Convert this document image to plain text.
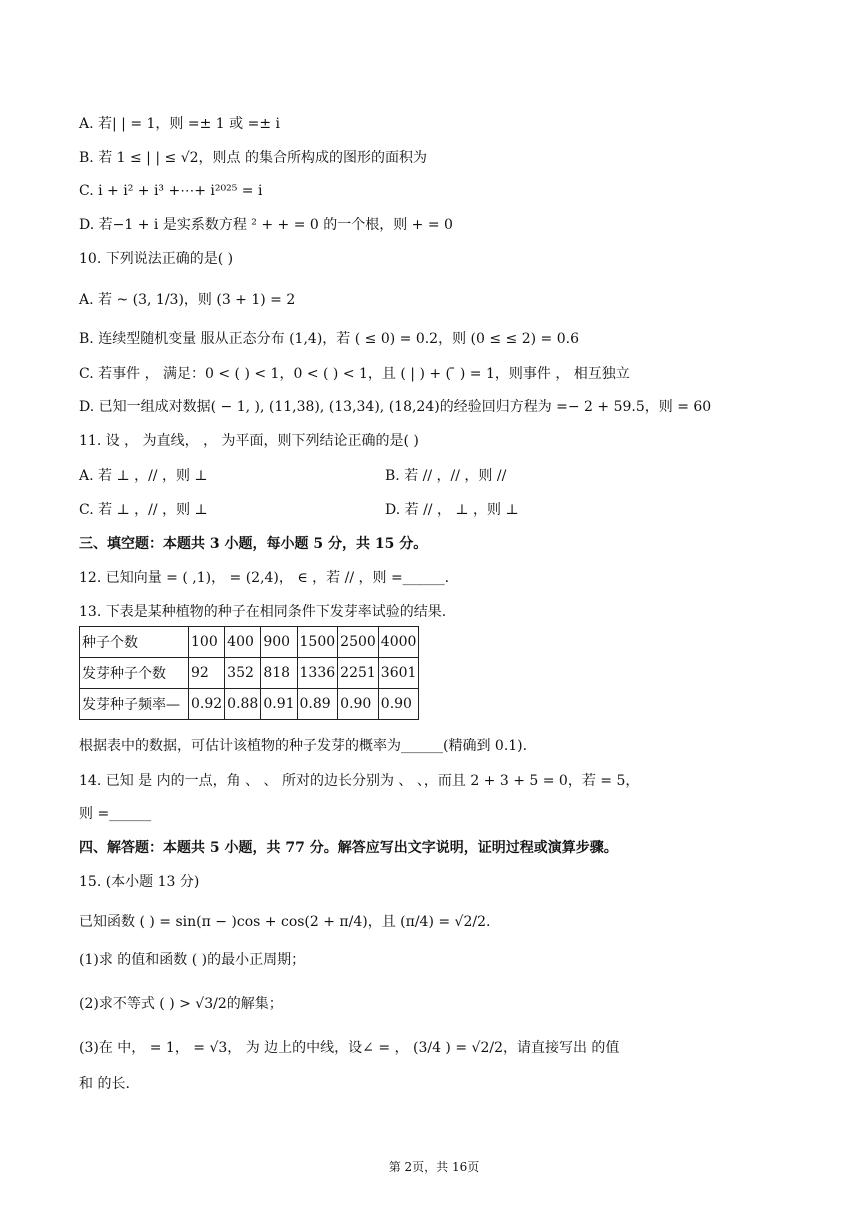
A. 若| | = 1，则 =± 1 或 =± i
B. 若 1 ≤ | | ≤ √2，则点 的集合所构成的图形的面积为
C. i + i² + i³ +⋯+ i²⁰²⁵ = i
D. 若−1 + i 是实系数方程 ² + + = 0 的一个根，则 + = 0
10. 下列说法正确的是( )
A. 若 ~ (3, 1/3)，则 (3 + 1) = 2
B. 连续型随机变量 服从正态分布 (1,4)，若 ( ≤ 0) = 0.2，则 (0 ≤ ≤ 2) = 0.6
C. 若事件 ， 满足：0 < ( ) < 1，0 < ( ) < 1，且 ( | ) + ( ̄ ) = 1，则事件 ， 相互独立
D. 已知一组成对数据( − 1, ), (11,38), (13,34), (18,24)的经验回归方程为 =− 2 + 59.5，则 = 60
11. 设 ， 为直线， ， 为平面，则下列结论正确的是( )
A. 若 ⊥ ，// ，则 ⊥	B. 若 // ，// ，则 //
C. 若 ⊥ ，// ，则 ⊥	D. 若 // ， ⊥ ，则 ⊥
三、填空题：本题共 3 小题，每小题 5 分，共 15 分。
12. 已知向量 = ( ,1)， = (2,4)， ∈ ，若 // ，则 =______.
13. 下表是某种植物的种子在相同条件下发芽率试验的结果.
种子个数	100	400	900	1500	2500	4000
发芽种子个数	92	352	818	1336	2251	3601
发芽种子频率—	0.92	0.88	0.91	0.89	0.90	0.90
根据表中的数据，可估计该植物的种子发芽的概率为______(精确到 0.1).
14. 已知 是 内的一点，角 、 、 所对的边长分别为 、 、，而且 2 + 3 + 5 = 0，若 = 5，
则 =______
四、解答题：本题共 5 小题，共 77 分。解答应写出文字说明，证明过程或演算步骤。
15. (本小题 13 分)
已知函数 ( ) = sin(π − )cos + cos(2 + π/4)，且 (π/4) = √2/2.
(1)求 的值和函数 ( )的最小正周期；
(2)求不等式 ( ) > √3/2的解集；
(3)在 中， = 1， = √3， 为 边上的中线，设∠ = ， (3/4 ) = √2/2，请直接写出 的值
和 的长.
第 2页，共 16页
